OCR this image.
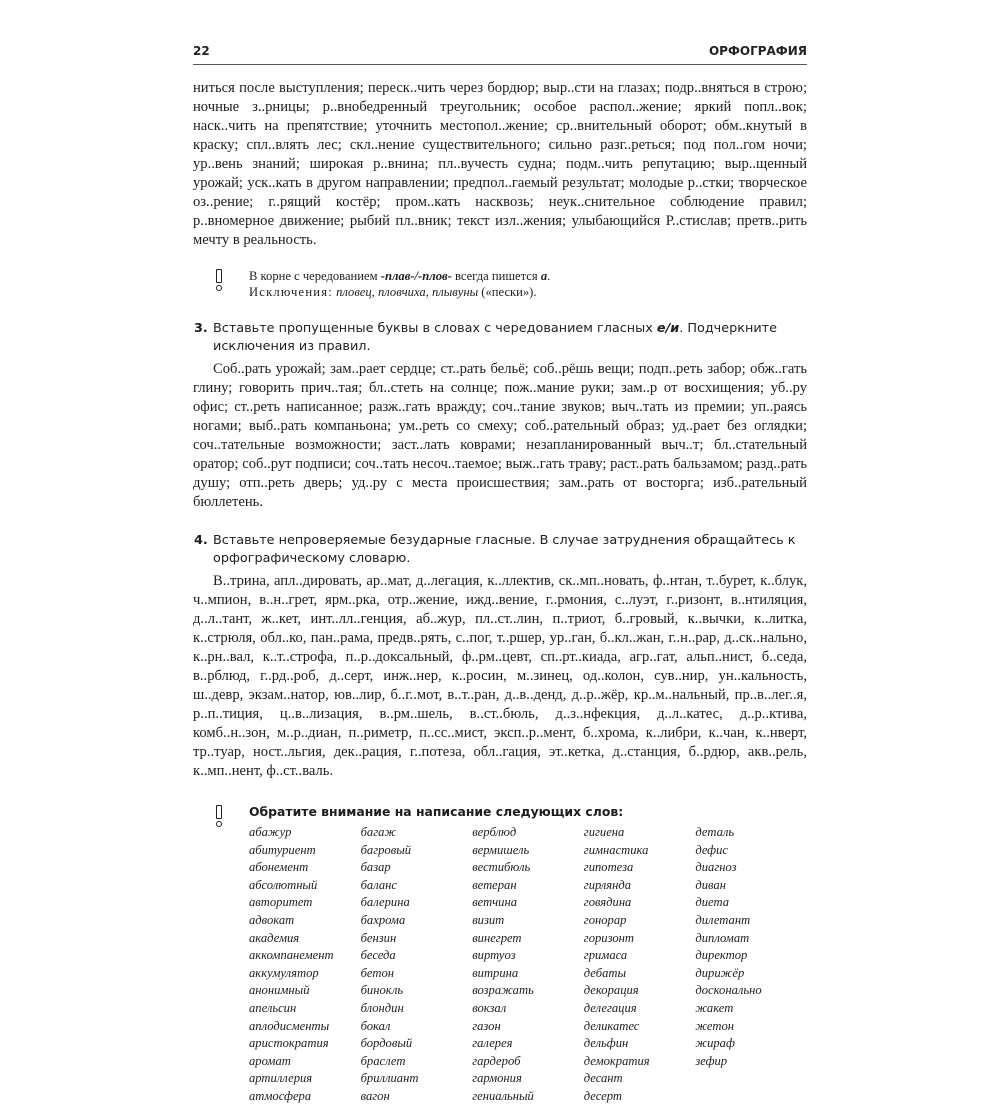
22	ОРФОГРАФИЯ

ниться после выступления; переск..чить через бордюр; выр..сти на глазах; подр..вняться в строю; ночные з..рницы; р..внобедренный треугольник; особое распол..жение; яркий попл..вок; наск..чить на препятствие; уточнить местопол..жение; ср..внительный оборот; обм..кнутый в краску; спл..влять лес; скл..нение существительного; сильно разг..реться; под пол..гом ночи; ур..вень знаний; широкая р..внина; пл..вучесть судна; подм..чить репутацию; выр..щенный урожай; уск..кать в другом направлении; предпол..гаемый результат; молодые р..стки; творческое оз..рение; г..рящий костёр; пром..кать насквозь; неук..снительное соблюдение правил; р..вномерное движение; рыбий пл..вник; текст изл..жения; улыбающийся Р..стислав; претв..рить мечту в реальность.

В корне с чередованием -плав-/-плов- всегда пишется а.
Исключения: пловец, пловчиха, плывуны («пески»).
3. Вставьте пропущенные буквы в словах с чередованием гласных е/и. Подчеркните исключения из правил.

Соб..рать урожай; зам..рает сердце; ст..рать бельё; соб..рёшь вещи; подп..реть забор; обж..гать глину; говорить прич..тая; бл..стеть на солнце; пож..мание руки; зам..р от восхищения; уб..ру офис; ст..реть написанное; разж..гать вражду; соч..тание звуков; выч..тать из премии; уп..раясь ногами; выб..рать компаньона; ум..реть со смеху; соб..рательный образ; уд..рает без оглядки; соч..тательные возможности; заст..лать коврами; незапланированный выч..т; бл..стательный оратор; соб..рут подписи; соч..тать несоч..таемое; выж..гать траву; раст..рать бальзамом; разд..рать душу; отп..реть дверь; уд..ру с места происшествия; зам..рать от восторга; изб..рательный бюллетень.

4. Вставьте непроверяемые безударные гласные. В случае затруднения обращайтесь к орфографическому словарю.

В..трина, апл..дировать, ар..мат, д..легация, к..ллектив, ск..мп..новать, ф..нтан, т..бурет, к..блук, ч..мпион, в..н..грет, ярм..рка, отр..жение, ижд..вение, г..рмония, с..луэт, г..ризонт, в..нтиляция, д..л..тант, ж..кет, инт..лл..генция, аб..жур, пл..ст..лин, п..триот, б..гровый, к..вычки, к..литка, к..стрюля, обл..ко, пан..рама, предв..рять, с..пог, т..ршер, ур..ган, б..кл..жан, г..н..рар, д..ск..нально, к..рн..вал, к..т..строфа, п..р..доксальный, ф..рм..цевт, сп..рт..киада, агр..гат, альп..нист, б..седа, в..рблюд, г..рд..роб, д..серт, инж..нер, к..росин, м..зинец, од..колон, сув..нир, ун..кальность, ш..девр, экзам..натор, юв..лир, б..г..мот, в..т..ран, д..в..денд, д..р..жёр, кр..м..нальный, пр..в..лег..я, р..п..тиция, ц..в..лизация, в..рм..шель, в..ст..бюль, д..з..нфекция, д..л..катес, д..р..ктива, комб..н..зон, м..р..диан, п..риметр, п..сс..мист, эксп..р..мент, б..хрома, к..либри, к..чан, к..нверт, тр..туар, ност..льгия, дек..рация, г..потеза, обл..гация, эт..кетка, д..станция, б..рдюр, акв..рель, к..мп..нент, ф..ст..валь.

Обратите внимание на написание следующих слов:
абажур
абитуриент
абонемент
абсолютный
авторитет
адвокат
академия
аккомпанемент
аккумулятор
анонимный
апельсин
аплодисменты
аристократия
аромат
артиллерия
атмосфера
багаж
багровый
базар
баланс
балерина
бахрома
бензин
беседа
бетон
бинокль
блондин
бокал
бордовый
браслет
бриллиант
вагон
верблюд
вермишель
вестибюль
ветеран
ветчина
визит
винегрет
виртуоз
витрина
возражать
вокзал
газон
галерея
гардероб
гармония
гениальный
гигиена
гимнастика
гипотеза
гирлянда
говядина
гонорар
горизонт
гримаса
дебаты
декорация
делегация
деликатес
дельфин
демократия
десант
десерт
деталь
дефис
диагноз
диван
диета
дилетант
дипломат
директор
дирижёр
досконально
жакет
жетон
жираф
зефир
